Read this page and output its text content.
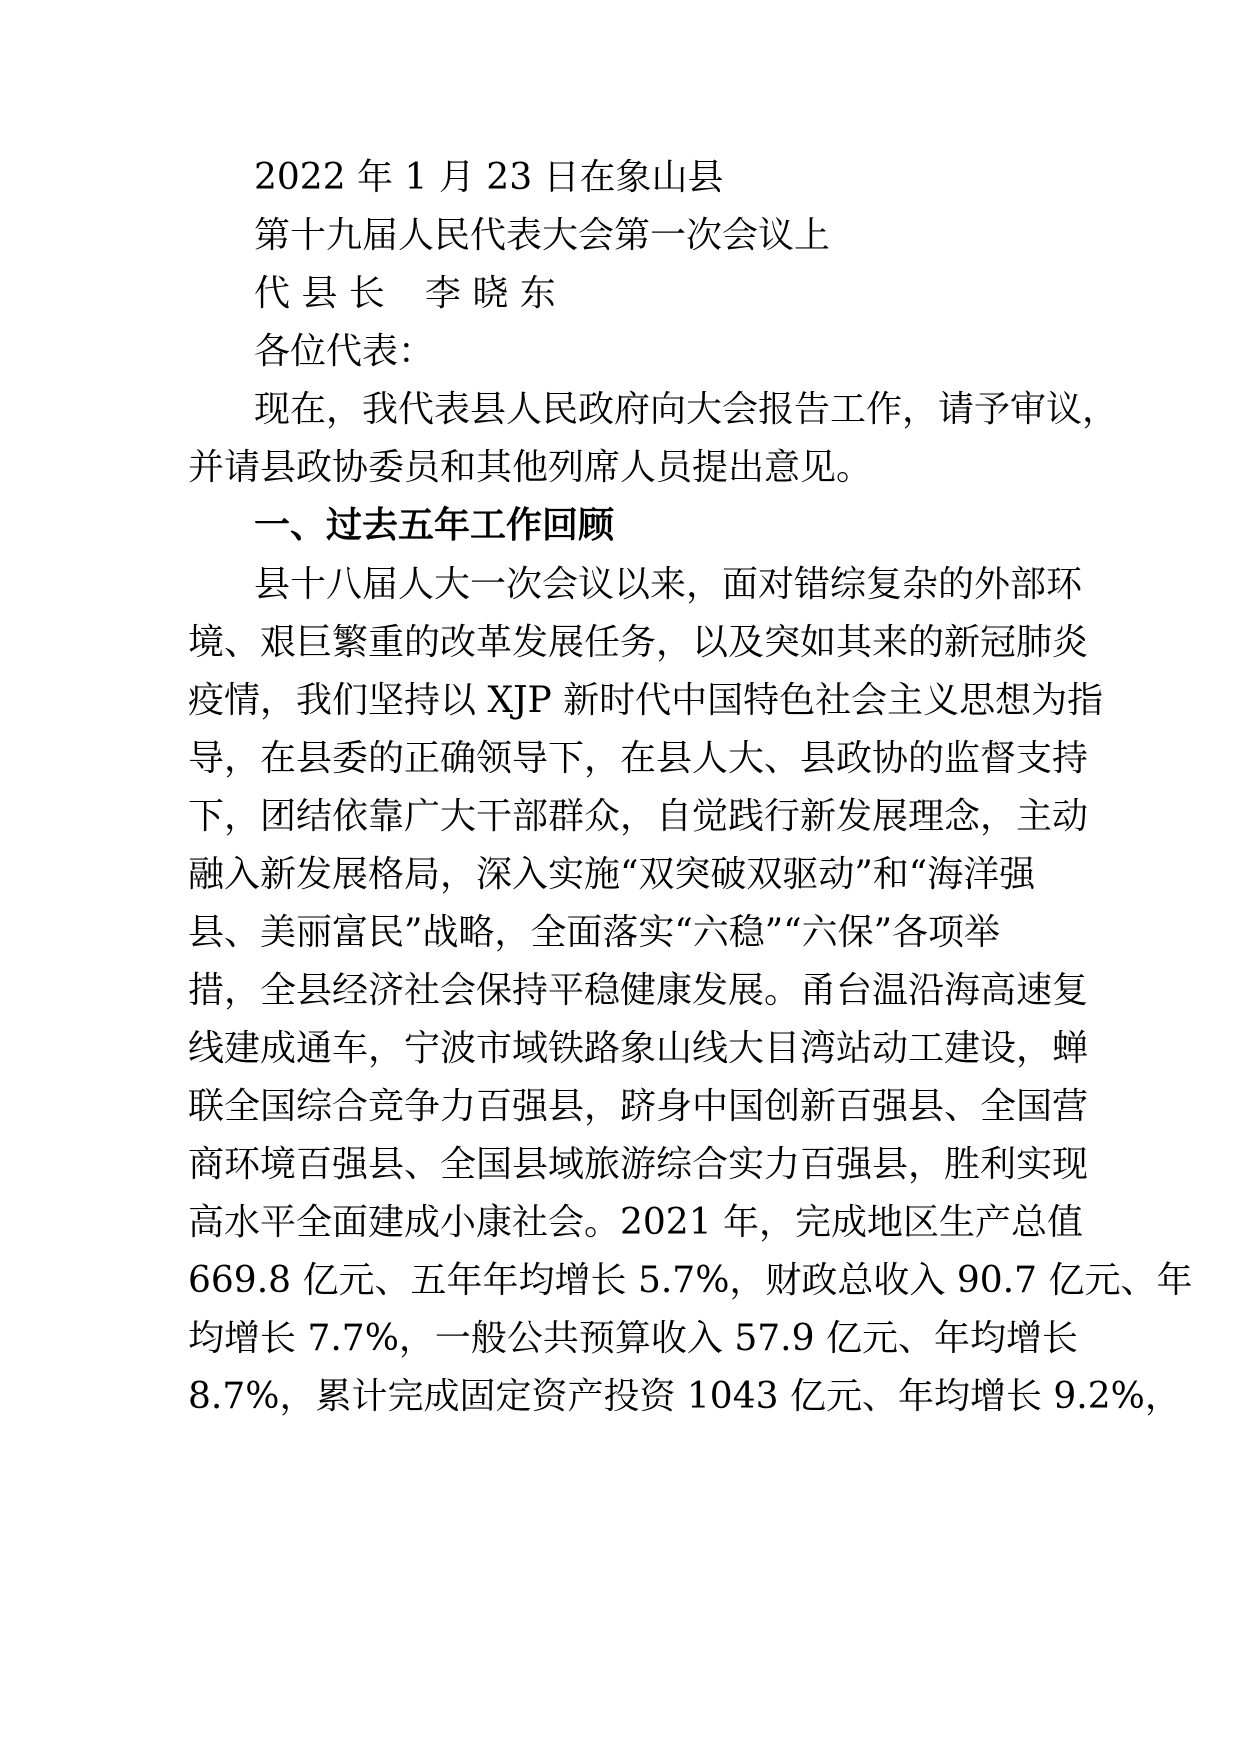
2022 年 1 月 23 日在象山县
第十九届人民代表大会第一次会议上
代 县 长 李 晓 东
各位代表：
现在，我代表县人民政府向大会报告工作，请予审议，
并请县政协委员和其他列席人员提出意见。
一、过去五年工作回顾
县十八届人大一次会议以来，面对错综复杂的外部环
境、艰巨繁重的改革发展任务，以及突如其来的新冠肺炎
疫情，我们坚持以 XJP 新时代中国特色社会主义思想为指
导，在县委的正确领导下，在县人大、县政协的监督支持
下，团结依靠广大干部群众，自觉践行新发展理念，主动
融入新发展格局，深入实施“双突破双驱动”和“海洋强
县、美丽富民”战略，全面落实“六稳”“六保”各项举
措，全县经济社会保持平稳健康发展。甬台温沿海高速复
线建成通车，宁波市域铁路象山线大目湾站动工建设，蝉
联全国综合竞争力百强县，跻身中国创新百强县、全国营
商环境百强县、全国县域旅游综合实力百强县，胜利实现
高水平全面建成小康社会。2021 年，完成地区生产总值
669.8 亿元、五年年均增长 5.7%，财政总收入 90.7 亿元、年
均增长 7.7%，一般公共预算收入 57.9 亿元、年均增长
8.7%，累计完成固定资产投资 1043 亿元、年均增长 9.2%，
